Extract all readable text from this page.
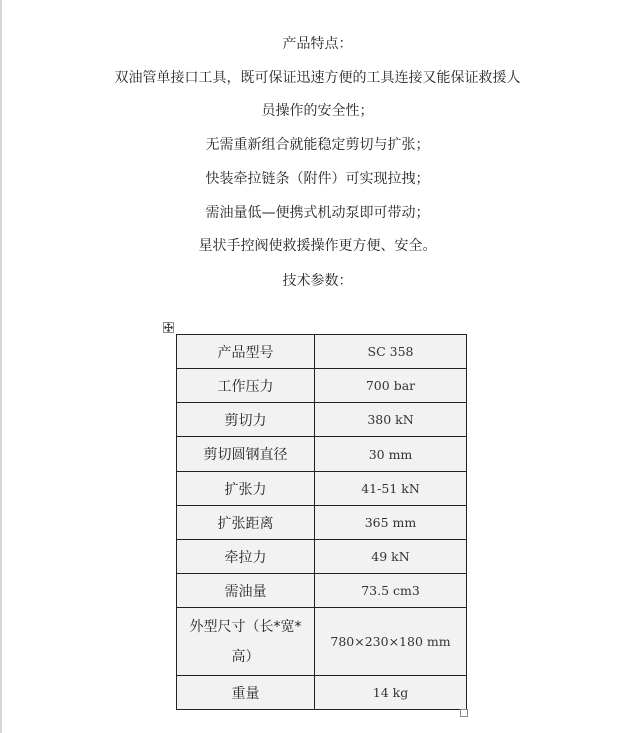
产品特点：
双油管单接口工具，既可保证迅速方便的工具连接又能保证救援人
员操作的安全性；
无需重新组合就能稳定剪切与扩张；
快装牵拉链条（附件）可实现拉拽；
需油量低—便携式机动泵即可带动；
星状手控阀使救援操作更方便、安全。
技术参数：
产品型号	SC 358
工作压力	700 bar
剪切力	380 kN
剪切圆钢直径	30 mm
扩张力	41-51 kN
扩张距离	365 mm
牵拉力	49 kN
需油量	73.5 cm3
外型尺寸（长*宽*高）	780×230×180 mm
重量	14 kg
